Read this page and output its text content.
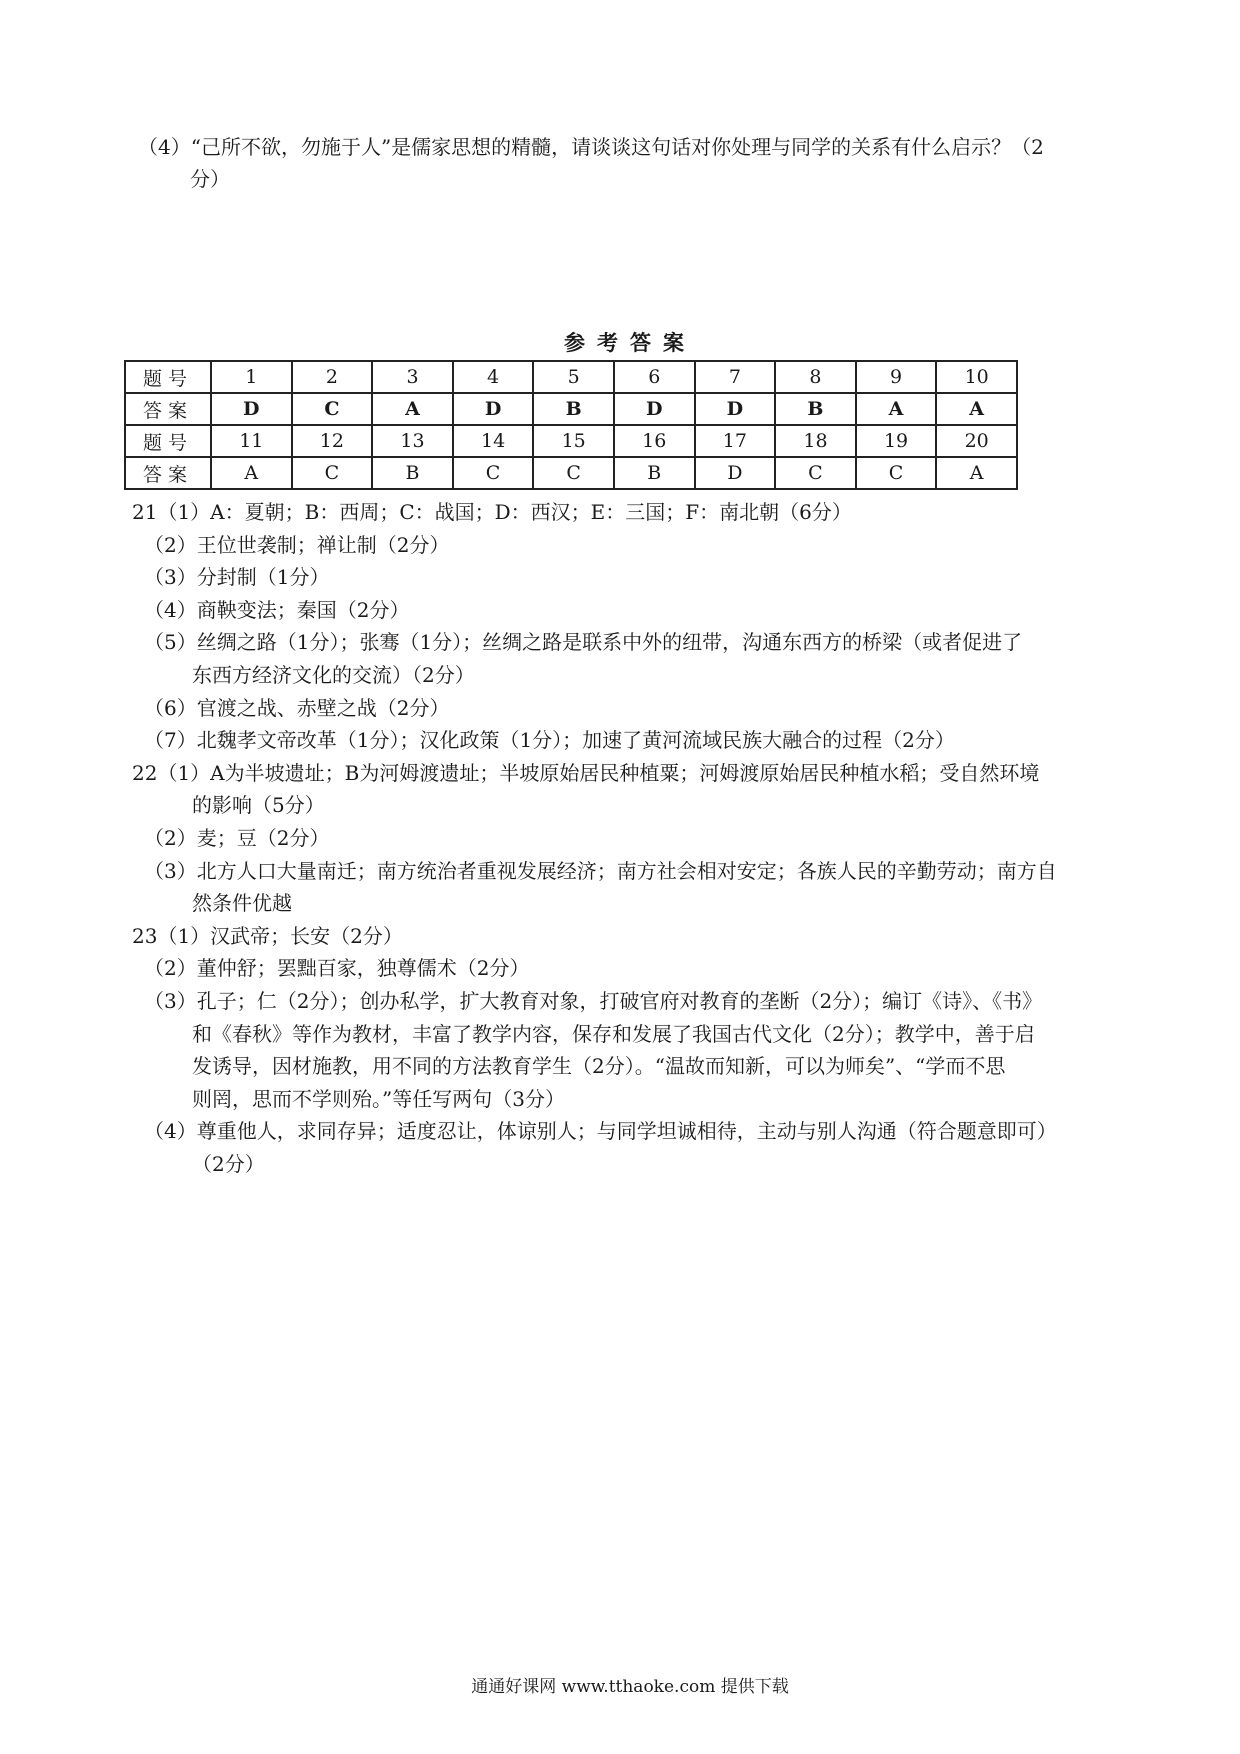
（4）“己所不欲，勿施于人”是儒家思想的精髓，请谈谈这句话对你处理与同学的关系有什么启示？（2
分）
参考答案
题号	1	2	3	4	5	6	7	8	9	10
答案	D	C	A	D	B	D	D	B	A	A
题号	11	12	13	14	15	16	17	18	19	20
答案	A	C	B	C	C	B	D	C	C	A
21（1）A：夏朝；B：西周；C：战国；D：西汉；E：三国；F：南北朝（6分）
（2）王位世袭制；禅让制（2分）
（3）分封制（1分）
（4）商鞅变法；秦国（2分）
（5）丝绸之路（1分）；张骞（1分）；丝绸之路是联系中外的纽带，沟通东西方的桥梁（或者促进了
东西方经济文化的交流）（2分）
（6）官渡之战、赤壁之战（2分）
（7）北魏孝文帝改革（1分）；汉化政策（1分）；加速了黄河流域民族大融合的过程（2分）
22（1）A为半坡遗址；B为河姆渡遗址；半坡原始居民种植粟；河姆渡原始居民种植水稻；受自然环境
的影响（5分）
（2）麦；豆（2分）
（3）北方人口大量南迁；南方统治者重视发展经济；南方社会相对安定；各族人民的辛勤劳动；南方自
然条件优越
23（1）汉武帝；长安（2分）
（2）董仲舒；罢黜百家，独尊儒术（2分）
（3）孔子；仁（2分）；创办私学，扩大教育对象，打破官府对教育的垄断（2分）；编订《诗》、《书》
和《春秋》等作为教材，丰富了教学内容，保存和发展了我国古代文化（2分）；教学中，善于启
发诱导，因材施教，用不同的方法教育学生（2分）。“温故而知新，可以为师矣”、“学而不思
则罔，思而不学则殆。”等任写两句（3分）
（4）尊重他人，求同存异；适度忍让，体谅别人；与同学坦诚相待，主动与别人沟通（符合题意即可）
（2分）
通通好课网 www.tthaoke.com 提供下载
